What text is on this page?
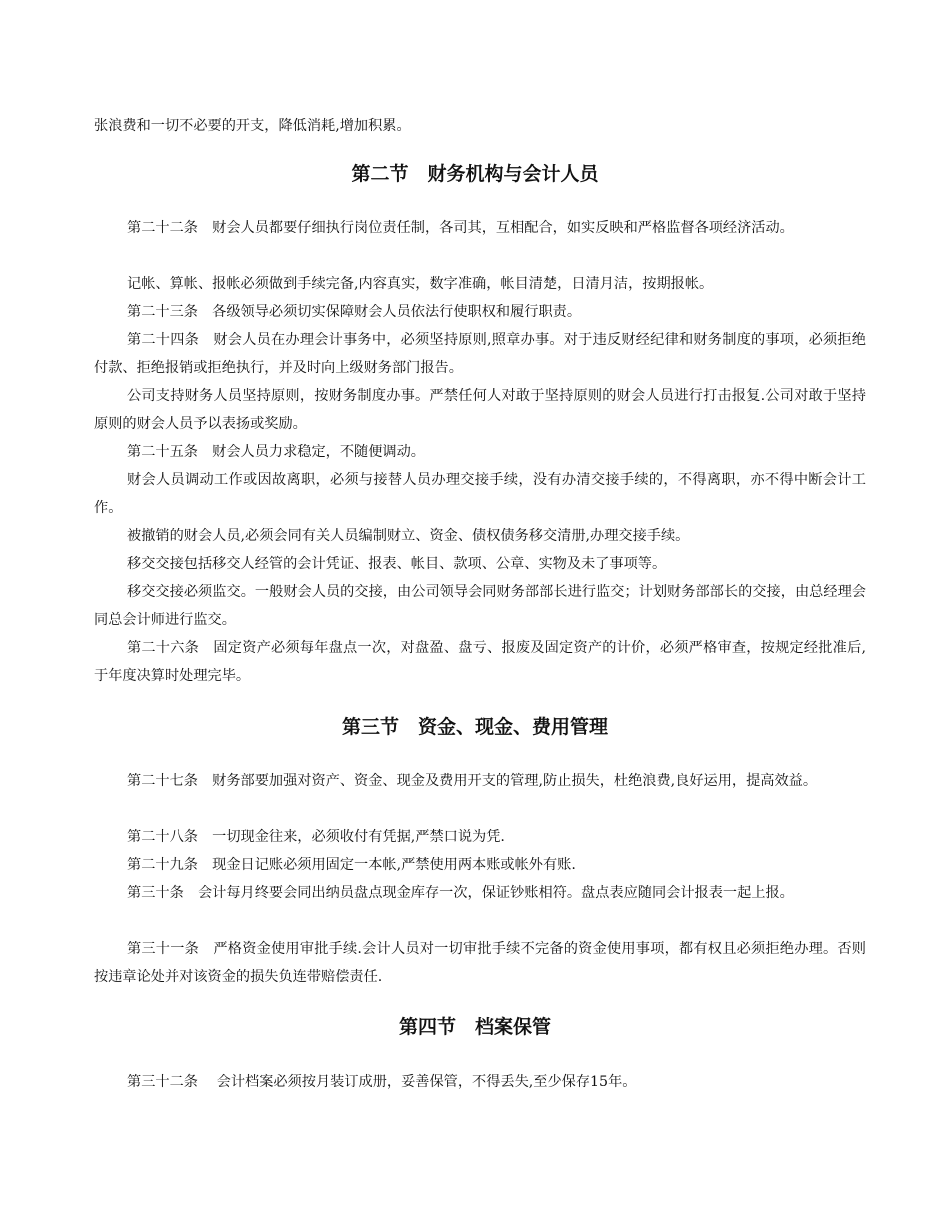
张浪费和一切不必要的开支，降低消耗,增加积累。

第二节　财务机构与会计人员

第二十二条　财会人员都要仔细执行岗位责任制，各司其，互相配合，如实反映和严格监督各项经济活动。

记帐、算帐、报帐必须做到手续完备,内容真实，数字准确，帐目清楚，日清月洁，按期报帐。

第二十三条　各级领导必须切实保障财会人员依法行使职权和履行职责。

第二十四条　财会人员在办理会计事务中，必须坚持原则,照章办事。对于违反财经纪律和财务制度的事项，必须拒绝付款、拒绝报销或拒绝执行，并及时向上级财务部门报告。

公司支持财务人员坚持原则，按财务制度办事。严禁任何人对敢于坚持原则的财会人员进行打击报复.公司对敢于坚持原则的财会人员予以表扬或奖励。

第二十五条　财会人员力求稳定，不随便调动。

财会人员调动工作或因故离职，必须与接替人员办理交接手续，没有办清交接手续的，不得离职，亦不得中断会计工作。

被撤销的财会人员,必须会同有关人员编制财立、资金、债权债务移交清册,办理交接手续。

移交交接包括移交人经管的会计凭证、报表、帐目、款项、公章、实物及未了事项等。

移交交接必须监交。一般财会人员的交接，由公司领导会同财务部部长进行监交；计划财务部部长的交接，由总经理会同总会计师进行监交。

第二十六条　固定资产必须每年盘点一次，对盘盈、盘亏、报废及固定资产的计价，必须严格审查，按规定经批准后,于年度决算时处理完毕。

第三节　资金、现金、费用管理

第二十七条　财务部要加强对资产、资金、现金及费用开支的管理,防止损失，杜绝浪费,良好运用，提高效益。

第二十八条　一切现金往来，必须收付有凭据,严禁口说为凭.

第二十九条　现金日记账必须用固定一本帐,严禁使用两本账或帐外有账.

第三十条　会计每月终要会同出纳员盘点现金库存一次，保证钞账相符。盘点表应随同会计报表一起上报。

第三十一条　严格资金使用审批手续.会计人员对一切审批手续不完备的资金使用事项，都有权且必须拒绝办理。否则按违章论处并对该资金的损失负连带赔偿责任.

第四节　档案保管

第三十二条　 会计档案必须按月装订成册，妥善保管，不得丢失,至少保存15年。
